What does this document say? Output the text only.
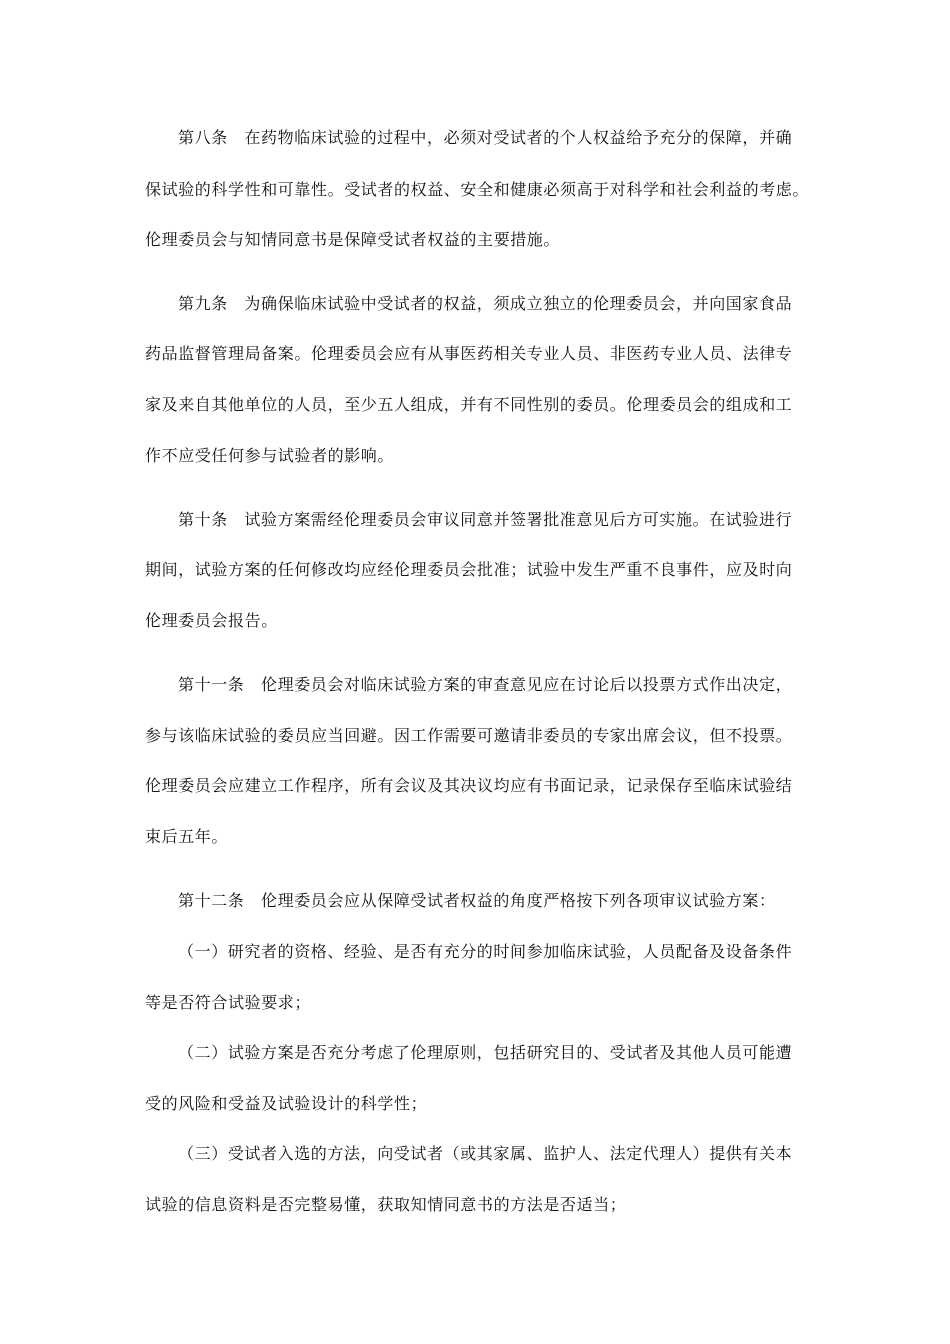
第八条　在药物临床试验的过程中，必须对受试者的个人权益给予充分的保障，并确
保试验的科学性和可靠性。受试者的权益、安全和健康必须高于对科学和社会利益的考虑。
伦理委员会与知情同意书是保障受试者权益的主要措施。
第九条　为确保临床试验中受试者的权益，须成立独立的伦理委员会，并向国家食品
药品监督管理局备案。伦理委员会应有从事医药相关专业人员、非医药专业人员、法律专
家及来自其他单位的人员，至少五人组成，并有不同性别的委员。伦理委员会的组成和工
作不应受任何参与试验者的影响。
第十条　试验方案需经伦理委员会审议同意并签署批准意见后方可实施。在试验进行
期间，试验方案的任何修改均应经伦理委员会批准；试验中发生严重不良事件，应及时向
伦理委员会报告。
第十一条　伦理委员会对临床试验方案的审查意见应在讨论后以投票方式作出决定，
参与该临床试验的委员应当回避。因工作需要可邀请非委员的专家出席会议，但不投票。
伦理委员会应建立工作程序，所有会议及其决议均应有书面记录，记录保存至临床试验结
束后五年。
第十二条　伦理委员会应从保障受试者权益的角度严格按下列各项审议试验方案：
（一）研究者的资格、经验、是否有充分的时间参加临床试验，人员配备及设备条件
等是否符合试验要求；
（二）试验方案是否充分考虑了伦理原则，包括研究目的、受试者及其他人员可能遭
受的风险和受益及试验设计的科学性；
（三）受试者入选的方法，向受试者（或其家属、监护人、法定代理人）提供有关本
试验的信息资料是否完整易懂，获取知情同意书的方法是否适当；
